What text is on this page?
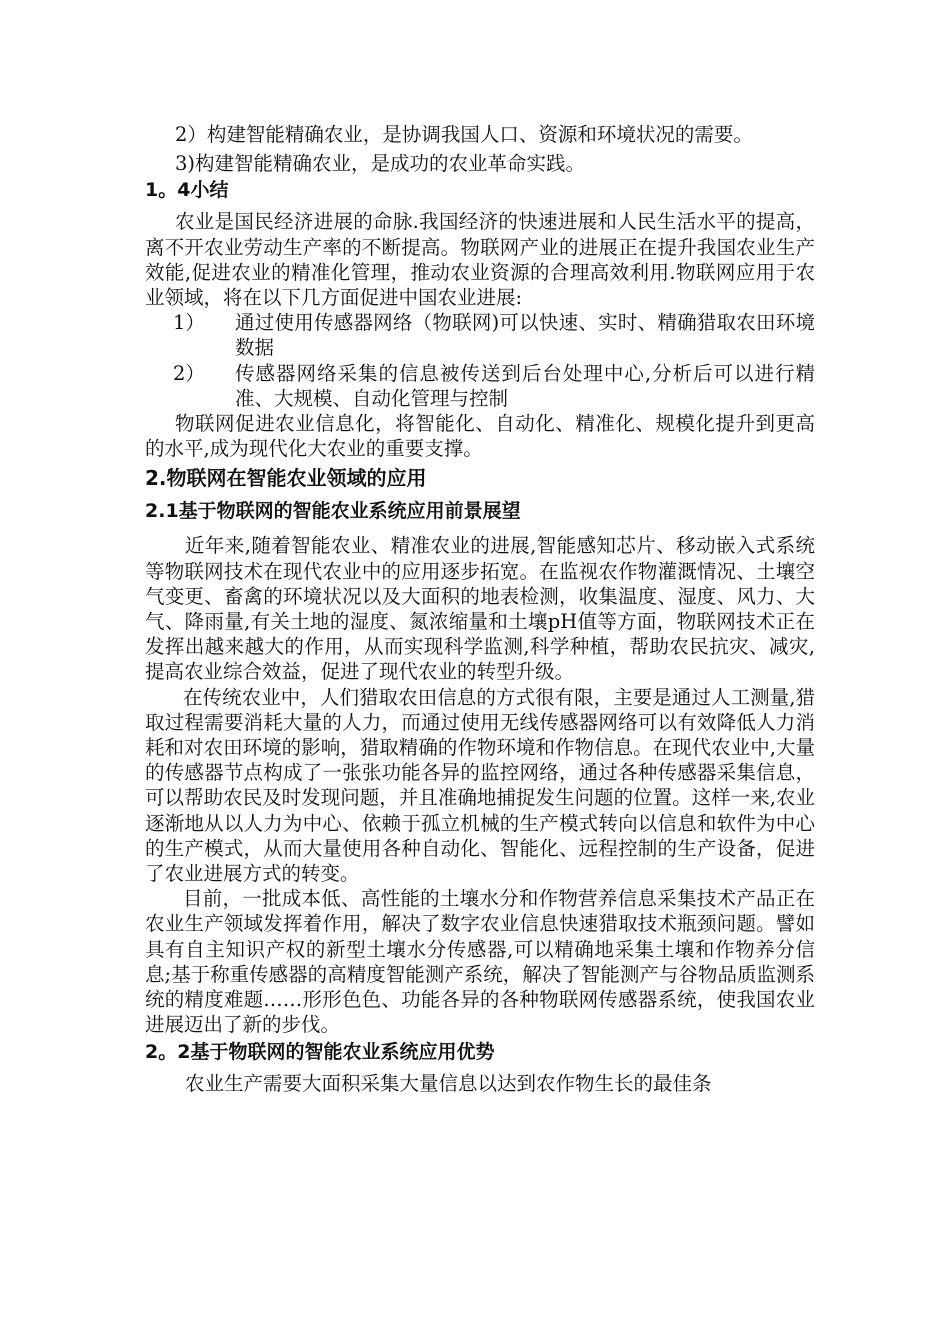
2）构建智能精确农业，是协调我国人口、资源和环境状况的需要。

3)构建智能精确农业，是成功的农业革命实践。

1。4小结

农业是国民经济进展的命脉.我国经济的快速进展和人民生活水平的提高，离不开农业劳动生产率的不断提高。物联网产业的进展正在提升我国农业生产效能,促进农业的精准化管理，推动农业资源的合理高效利用.物联网应用于农业领域，将在以下几方面促进中国农业进展:

1）	通过使用传感器网络（物联网)可以快速、实时、精确猎取农田环境数据
2）	传感器网络采集的信息被传送到后台处理中心,分析后可以进行精准、大规模、自动化管理与控制

物联网促进农业信息化，将智能化、自动化、精准化、规模化提升到更高的水平,成为现代化大农业的重要支撑。

2.物联网在智能农业领域的应用
2.1基于物联网的智能农业系统应用前景展望

近年来,随着智能农业、精准农业的进展,智能感知芯片、移动嵌入式系统等物联网技术在现代农业中的应用逐步拓宽。在监视农作物灌溉情况、土壤空气变更、畜禽的环境状况以及大面积的地表检测，收集温度、湿度、风力、大气、降雨量,有关土地的湿度、氮浓缩量和土壤pH值等方面，物联网技术正在发挥出越来越大的作用，从而实现科学监测,科学种植，帮助农民抗灾、减灾,提高农业综合效益，促进了现代农业的转型升级。

在传统农业中，人们猎取农田信息的方式很有限，主要是通过人工测量,猎取过程需要消耗大量的人力，而通过使用无线传感器网络可以有效降低人力消耗和对农田环境的影响，猎取精确的作物环境和作物信息。在现代农业中,大量的传感器节点构成了一张张功能各异的监控网络，通过各种传感器采集信息，可以帮助农民及时发现问题，并且准确地捕捉发生问题的位置。这样一来,农业逐渐地从以人力为中心、依赖于孤立机械的生产模式转向以信息和软件为中心的生产模式，从而大量使用各种自动化、智能化、远程控制的生产设备，促进了农业进展方式的转变。

目前，一批成本低、高性能的土壤水分和作物营养信息采集技术产品正在农业生产领域发挥着作用，解决了数字农业信息快速猎取技术瓶颈问题。譬如具有自主知识产权的新型土壤水分传感器,可以精确地采集土壤和作物养分信息;基于称重传感器的高精度智能测产系统，解决了智能测产与谷物品质监测系统的精度难题……形形色色、功能各异的各种物联网传感器系统，使我国农业进展迈出了新的步伐。

2。2基于物联网的智能农业系统应用优势

农业生产需要大面积采集大量信息以达到农作物生长的最佳条
